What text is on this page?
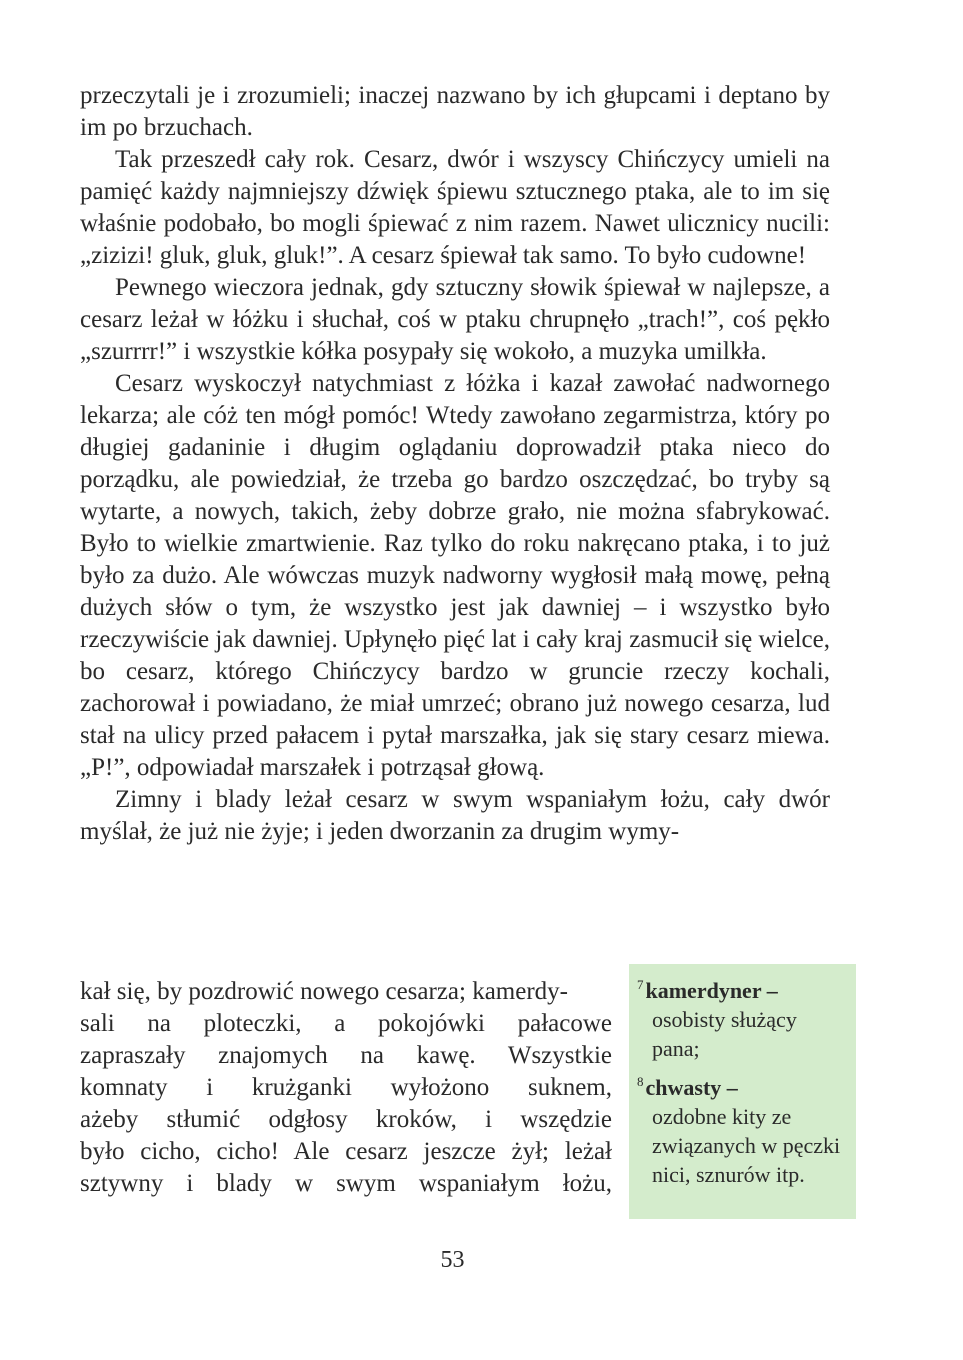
przeczytali je i zrozumieli; inaczej nazwano by ich głupcami i deptano by im po brzuchach.

Tak przeszedł cały rok. Cesarz, dwór i wszyscy Chińczycy umieli na pamięć każdy najmniejszy dźwięk śpiewu sztucznego ptaka, ale to im się właśnie podobało, bo mogli śpiewać z nim razem. Nawet ulicznicy nucili: „zizizi! gluk, gluk, gluk!”. A cesarz śpiewał tak samo. To było cudowne!

Pewnego wieczora jednak, gdy sztuczny słowik śpiewał w najlepsze, a cesarz leżał w łóżku i słuchał, coś w ptaku chrupnęło „trach!”, coś pękło „szurrrr!” i wszystkie kółka posypały się wokoło, a muzyka umilkła.

Cesarz wyskoczył natychmiast z łóżka i kazał zawołać nadwornego lekarza; ale cóż ten mógł pomóc! Wtedy zawołano zegarmistrza, który po długiej gadaninie i długim oglądaniu doprowadził ptaka nieco do porządku, ale powiedział, że trzeba go bardzo oszczędzać, bo tryby są wytarte, a nowych, takich, żeby dobrze grało, nie można sfabrykować. Było to wielkie zmartwienie. Raz tylko do roku nakręcano ptaka, i to już było za dużo. Ale wówczas muzyk nadworny wygłosił małą mowę, pełną dużych słów o tym, że wszystko jest jak dawniej – i wszystko było rzeczywiście jak dawniej. Upłynęło pięć lat i cały kraj zasmucił się wielce, bo cesarz, którego Chińczycy bardzo w gruncie rzeczy kochali, zachorował i powiadano, że miał umrzeć; obrano już nowego cesarza, lud stał na ulicy przed pałacem i pytał marszałka, jak się stary cesarz miewa. „P!”, odpowiadał marszałek i potrząsał głową.

Zimny i blady leżał cesarz w swym wspaniałym łożu, cały dwór myślał, że już nie żyje; i jeden dworzanin za drugim wymy-

kał się, by pozdrowić nowego cesarza; kamerdy-

sali na ploteczki, a pokojówki pałacowe

zapraszały znajomych na kawę. Wszystkie

komnaty i krużganki wyłożono suknem,

ażeby stłumić odgłosy kroków, i wszędzie

było cicho, cicho! Ale cesarz jeszcze żył; leżał

sztywny i blady w swym wspaniałym łożu,

$^7$kamerdyner –
osobisty służący pana;
$^8$chwasty –
ozdobne kity ze związanych w pęczki nici, sznurów itp.
53
